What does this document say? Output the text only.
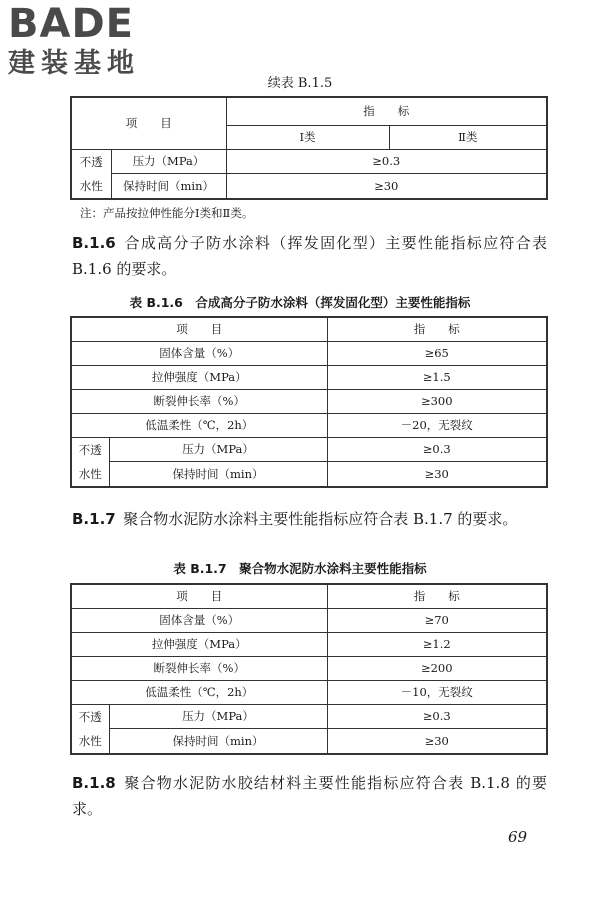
BADE
建装基地
续表 B.1.5
项　　目		指　　标	
		Ⅰ类	Ⅱ类

不透
水性	压力（MPa）	≥0.3	
	保持时间（min）	≥30	
注：产品按拉伸性能分Ⅰ类和Ⅱ类。
B.1.6  合成高分子防水涂料（挥发固化型）主要性能指标应符合表 B.1.6 的要求。
表 B.1.6　合成高分子防水涂料（挥发固化型）主要性能指标
项　　目		指　　标
固体含量（%）		≥65
拉伸强度（MPa）		≥1.5
断裂伸长率（%）		≥300
低温柔性（℃，2h）		－20，无裂纹

不透
水性	压力（MPa）	≥0.3
	保持时间（min）	≥30
B.1.7  聚合物水泥防水涂料主要性能指标应符合表 B.1.7 的要求。
表 B.1.7　聚合物水泥防水涂料主要性能指标
项　　目		指　　标
固体含量（%）		≥70
拉伸强度（MPa）		≥1.2
断裂伸长率（%）		≥200
低温柔性（℃，2h）		－10，无裂纹

不透
水性	压力（MPa）	≥0.3
	保持时间（min）	≥30
B.1.8  聚合物水泥防水胶结材料主要性能指标应符合表 B.1.8 的要求。
69
